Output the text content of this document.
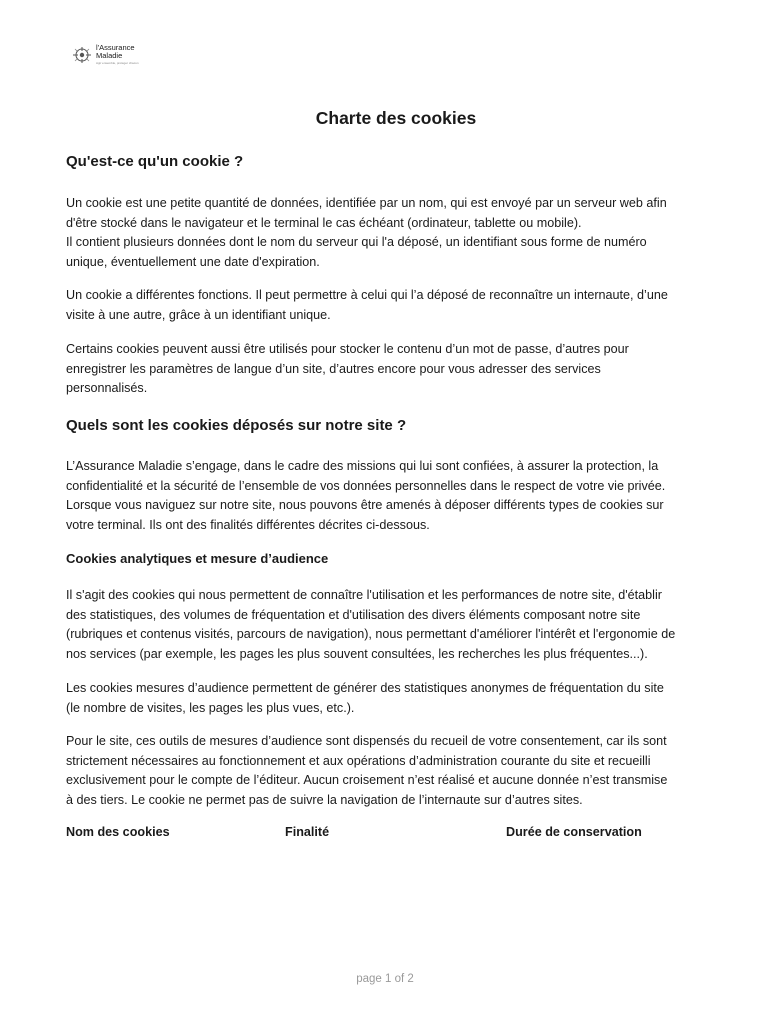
l'Assurance
Maladie
Agir ensemble, protéger chacun
Charte des cookies
Qu'est-ce qu'un cookie ?

Un cookie est une petite quantité de données, identifiée par un nom, qui est envoyé par un serveur web afin
d'être stocké dans le navigateur et le terminal le cas échéant (ordinateur, tablette ou mobile).
Il contient plusieurs données dont le nom du serveur qui l'a déposé, un identifiant sous forme de numéro
unique, éventuellement une date d'expiration.

Un cookie a différentes fonctions. Il peut permettre à celui qui l’a déposé de reconnaître un internaute, d’une
visite à une autre, grâce à un identifiant unique.

Certains cookies peuvent aussi être utilisés pour stocker le contenu d’un mot de passe, d’autres pour
enregistrer les paramètres de langue d’un site, d’autres encore pour vous adresser des services
personnalisés.

Quels sont les cookies déposés sur notre site ?

L’Assurance Maladie s’engage, dans le cadre des missions qui lui sont confiées, à assurer la protection, la
confidentialité et la sécurité de l’ensemble de vos données personnelles dans le respect de votre vie privée.
Lorsque vous naviguez sur notre site, nous pouvons être amenés à déposer différents types de cookies sur
votre terminal. Ils ont des finalités différentes décrites ci-dessous.

Cookies analytiques et mesure d’audience

Il s'agit des cookies qui nous permettent de connaître l'utilisation et les performances de notre site, d'établir
des statistiques, des volumes de fréquentation et d'utilisation des divers éléments composant notre site
(rubriques et contenus visités, parcours de navigation), nous permettant d'améliorer l'intérêt et l'ergonomie de
nos services (par exemple, les pages les plus souvent consultées, les recherches les plus fréquentes...).

Les cookies mesures d’audience permettent de générer des statistiques anonymes de fréquentation du site
(le nombre de visites, les pages les plus vues, etc.).

Pour le site, ces outils de mesures d’audience sont dispensés du recueil de votre consentement, car ils sont
strictement nécessaires au fonctionnement et aux opérations d’administration courante du site et recueilli
exclusivement pour le compte de l’éditeur. Aucun croisement n’est réalisé et aucune donnée n’est transmise
à des tiers. Le cookie ne permet pas de suivre la navigation de l’internaute sur d’autres sites.

Nom des cookies	Finalité	Durée de conservation
page 1 of 2
